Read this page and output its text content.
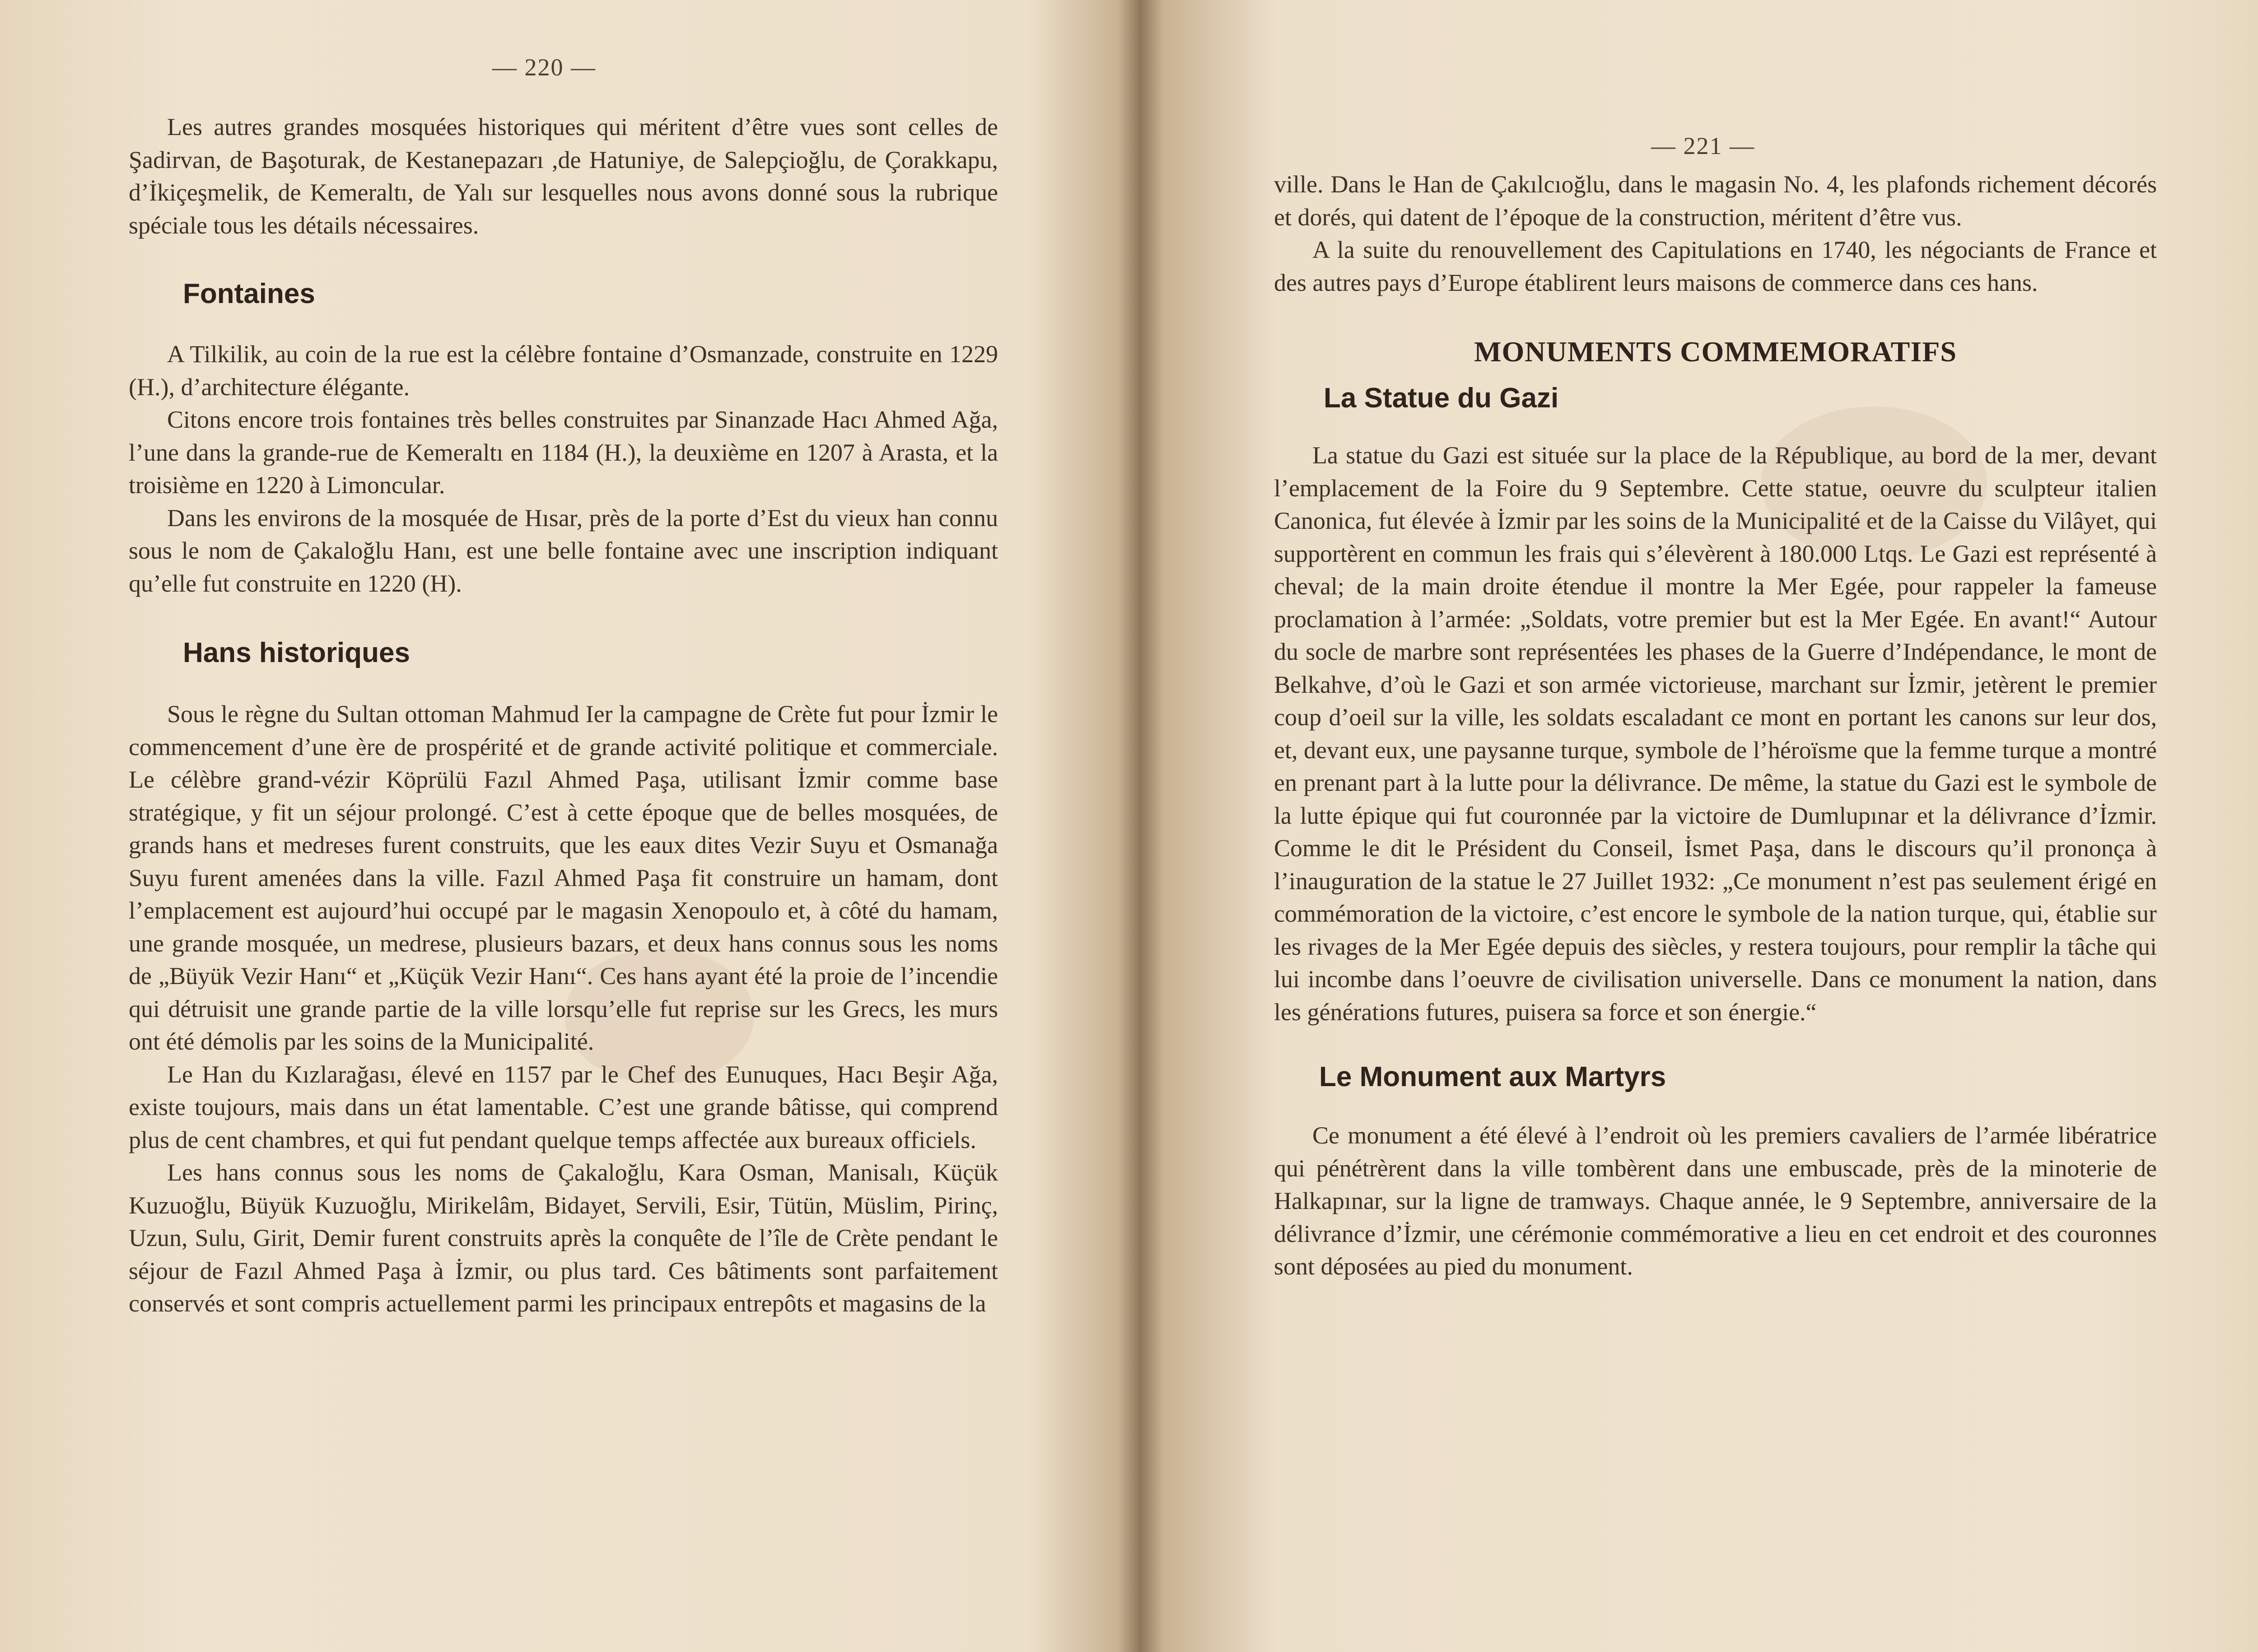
— 220 —

Les autres grandes mosquées historiques qui méritent d’être vues sont celles de Şadirvan, de Başoturak, de Kestanepazarı ,de Hatuniye, de Salepçioğlu, de Çorakkapu, d’İkiçeşmelik, de Kemeraltı, de Yalı sur lesquelles nous avons donné sous la rubrique spéciale tous les détails nécessaires.

Fontaines

A Tilkilik, au coin de la rue est la célèbre fontaine d’Osmanzade, construite en 1229 (H.), d’architecture élégante.

Citons encore trois fontaines très belles construites par Sinanzade Hacı Ahmed Ağa, l’une dans la grande-rue de Kemeraltı en 1184 (H.), la deuxième en 1207 à Arasta, et la troisième en 1220 à Limoncular.

Dans les environs de la mosquée de Hısar, près de la porte d’Est du vieux han connu sous le nom de Çakaloğlu Hanı, est une belle fontaine avec une inscription indiquant qu’elle fut construite en 1220 (H).

Hans historiques

Sous le règne du Sultan ottoman Mahmud Ier la campagne de Crète fut pour İzmir le commencement d’une ère de prospérité et de grande activité politique et commerciale. Le célèbre grand-vézir Köprülü Fazıl Ahmed Paşa, utilisant İzmir comme base stratégique, y fit un séjour prolongé. C’est à cette époque que de belles mosquées, de grands hans et medreses furent construits, que les eaux dites Vezir Suyu et Osmanağa Suyu furent amenées dans la ville. Fazıl Ahmed Paşa fit construire un hamam, dont l’emplacement est aujourd’hui occupé par le magasin Xenopoulo et, à côté du hamam, une grande mosquée, un medrese, plusieurs bazars, et deux hans connus sous les noms de „Büyük Vezir Hanı“ et „Küçük Vezir Hanı“. Ces hans ayant été la proie de l’incendie qui détruisit une grande partie de la ville lorsqu’elle fut reprise sur les Grecs, les murs ont été démolis par les soins de la Municipalité.

Le Han du Kızlarağası, élevé en 1157 par le Chef des Eunuques, Hacı Beşir Ağa, existe toujours, mais dans un état lamentable. C’est une grande bâtisse, qui comprend plus de cent chambres, et qui fut pendant quelque temps affectée aux bureaux officiels.

Les hans connus sous les noms de Çakaloğlu, Kara Osman, Manisalı, Küçük Kuzuoğlu, Büyük Kuzuoğlu, Mirikelâm, Bidayet, Servili, Esir, Tütün, Müslim, Pirinç, Uzun, Sulu, Girit, Demir furent construits après la conquête de l’île de Crète pendant le séjour de Fazıl Ahmed Paşa à İzmir, ou plus tard. Ces bâtiments sont parfaitement conservés et sont compris actuellement parmi les principaux entrepôts et magasins de la

— 221 —

ville. Dans le Han de Çakılcıoğlu, dans le magasin No. 4, les plafonds richement décorés et dorés, qui datent de l’époque de la construction, méritent d’être vus.

A la suite du renouvellement des Capitulations en 1740, les négociants de France et des autres pays d’Europe établirent leurs maisons de commerce dans ces hans.

MONUMENTS COMMEMORATIFS
La Statue du Gazi

La statue du Gazi est située sur la place de la République, au bord de la mer, devant l’emplacement de la Foire du 9 Septembre. Cette statue, oeuvre du sculpteur italien Canonica, fut élevée à İzmir par les soins de la Municipalité et de la Caisse du Vilâyet, qui supportèrent en commun les frais qui s’élevèrent à 180.000 Ltqs. Le Gazi est représenté à cheval; de la main droite étendue il montre la Mer Egée, pour rappeler la fameuse proclamation à l’armée: „Soldats, votre premier but est la Mer Egée. En avant!“ Autour du socle de marbre sont représentées les phases de la Guerre d’Indépendance, le mont de Belkahve, d’où le Gazi et son armée victorieuse, marchant sur İzmir, jetèrent le premier coup d’oeil sur la ville, les soldats escaladant ce mont en portant les canons sur leur dos, et, devant eux, une paysanne turque, symbole de l’héroïsme que la femme turque a montré en prenant part à la lutte pour la délivrance. De même, la statue du Gazi est le symbole de la lutte épique qui fut couronnée par la victoire de Dumlupınar et la délivrance d’İzmir. Comme le dit le Président du Conseil, İsmet Paşa, dans le discours qu’il prononça à l’inauguration de la statue le 27 Juillet 1932: „Ce monument n’est pas seulement érigé en commémoration de la victoire, c’est encore le symbole de la nation turque, qui, établie sur les rivages de la Mer Egée depuis des siècles, y restera toujours, pour remplir la tâche qui lui incombe dans l’oeuvre de civilisation universelle. Dans ce monument la nation, dans les générations futures, puisera sa force et son énergie.“

Le Monument aux Martyrs

Ce monument a été élevé à l’endroit où les premiers cavaliers de l’armée libératrice qui pénétrèrent dans la ville tombèrent dans une embuscade, près de la minoterie de Halkapınar, sur la ligne de tramways. Chaque année, le 9 Septembre, anniversaire de la délivrance d’İzmir, une cérémonie commémorative a lieu en cet endroit et des couronnes sont déposées au pied du monument.
